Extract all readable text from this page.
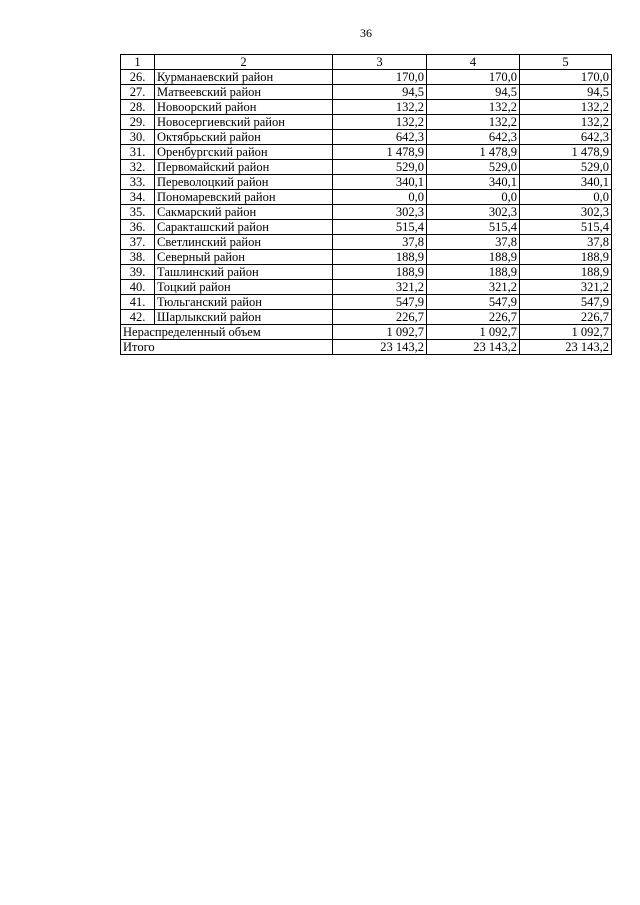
36
1	2	3	4	5
26.	Курманаевский район	170,0	170,0	170,0
27.	Матвеевский район	94,5	94,5	94,5
28.	Новоорский район	132,2	132,2	132,2
29.	Новосергиевский район	132,2	132,2	132,2
30.	Октябрьский район	642,3	642,3	642,3
31.	Оренбургский район	1 478,9	1 478,9	1 478,9
32.	Первомайский район	529,0	529,0	529,0
33.	Переволоцкий район	340,1	340,1	340,1
34.	Пономаревский район	0,0	0,0	0,0
35.	Сакмарский район	302,3	302,3	302,3
36.	Саракташский район	515,4	515,4	515,4
37.	Светлинский район	37,8	37,8	37,8
38.	Северный район	188,9	188,9	188,9
39.	Ташлинский район	188,9	188,9	188,9
40.	Тоцкий район	321,2	321,2	321,2
41.	Тюльганский район	547,9	547,9	547,9
42.	Шарлыкский район	226,7	226,7	226,7
Нераспределенный объем		1 092,7	1 092,7	1 092,7
Итого		23 143,2	23 143,2	23 143,2
